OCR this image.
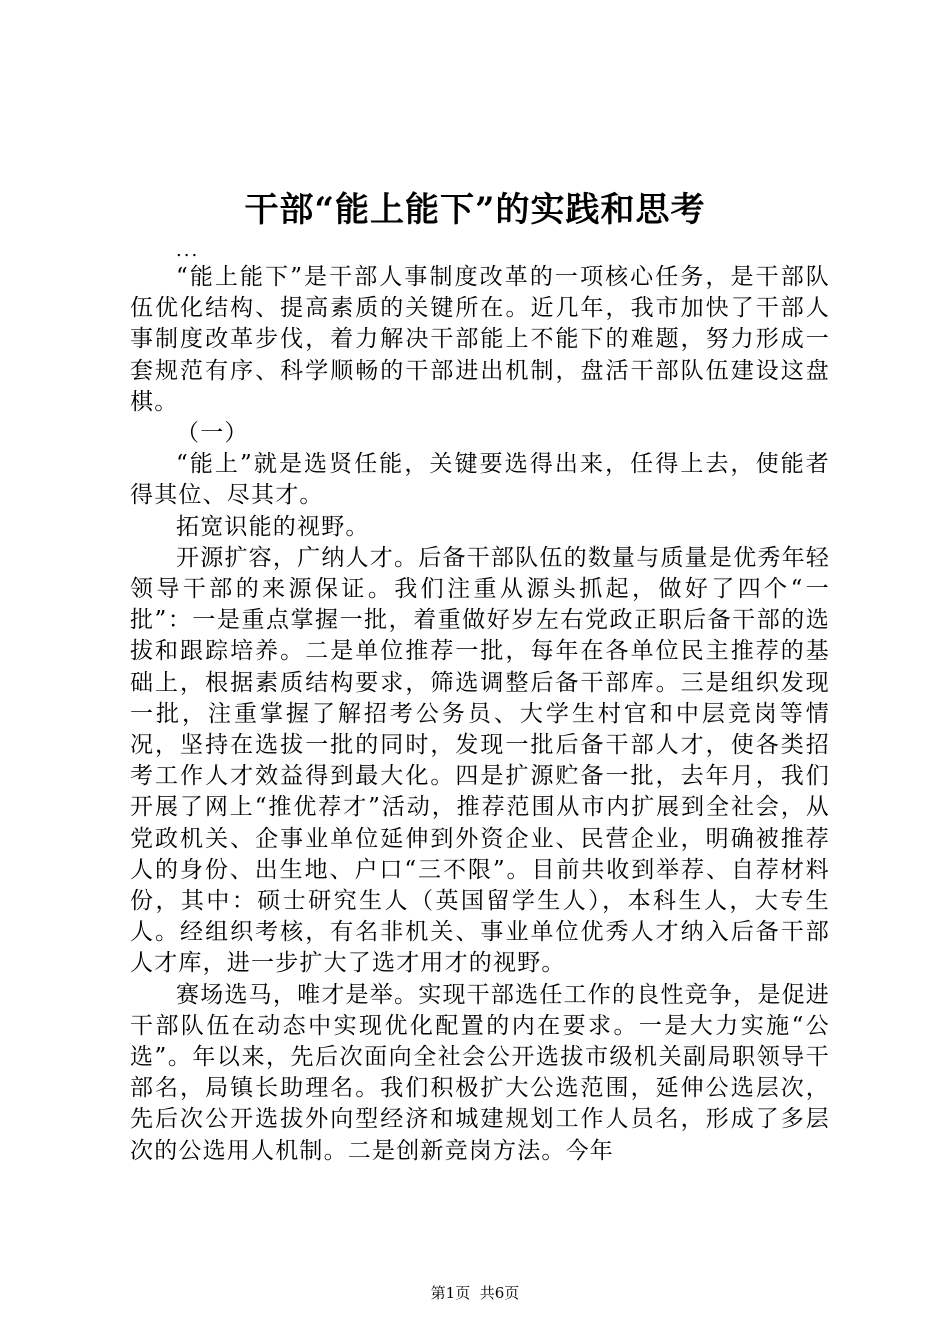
干部“能上能下”的实践和思考
...

“能上能下”是干部人事制度改革的一项核心任务，是干部队伍优化结构、提高素质的关键所在。近几年，我市加快了干部人事制度改革步伐，着力解决干部能上不能下的难题，努力形成一套规范有序、科学顺畅的干部进出机制，盘活干部队伍建设这盘棋。

（一）

“能上”就是选贤任能，关键要选得出来，任得上去，使能者得其位、尽其才。

拓宽识能的视野。

开源扩容，广纳人才。后备干部队伍的数量与质量是优秀年轻领导干部的来源保证。我们注重从源头抓起，做好了四个“一批”：一是重点掌握一批，着重做好岁左右党政正职后备干部的选拔和跟踪培养。二是单位推荐一批，每年在各单位民主推荐的基础上，根据素质结构要求，筛选调整后备干部库。三是组织发现一批，注重掌握了解招考公务员、大学生村官和中层竞岗等情况，坚持在选拔一批的同时，发现一批后备干部人才，使各类招考工作人才效益得到最大化。四是扩源贮备一批，去年月，我们开展了网上“推优荐才”活动，推荐范围从市内扩展到全社会，从党政机关、企事业单位延伸到外资企业、民营企业，明确被推荐人的身份、出生地、户口“三不限”。目前共收到举荐、自荐材料份，其中：硕士研究生人（英国留学生人），本科生人，大专生人。经组织考核，有名非机关、事业单位优秀人才纳入后备干部人才库，进一步扩大了选才用才的视野。

赛场选马，唯才是举。实现干部选任工作的良性竞争，是促进干部队伍在动态中实现优化配置的内在要求。一是大力实施“公选”。年以来，先后次面向全社会公开选拔市级机关副局职领导干部名，局镇长助理名。我们积极扩大公选范围，延伸公选层次，先后次公开选拔外向型经济和城建规划工作人员名，形成了多层次的公选用人机制。二是创新竞岗方法。今年

第1页 共6页
